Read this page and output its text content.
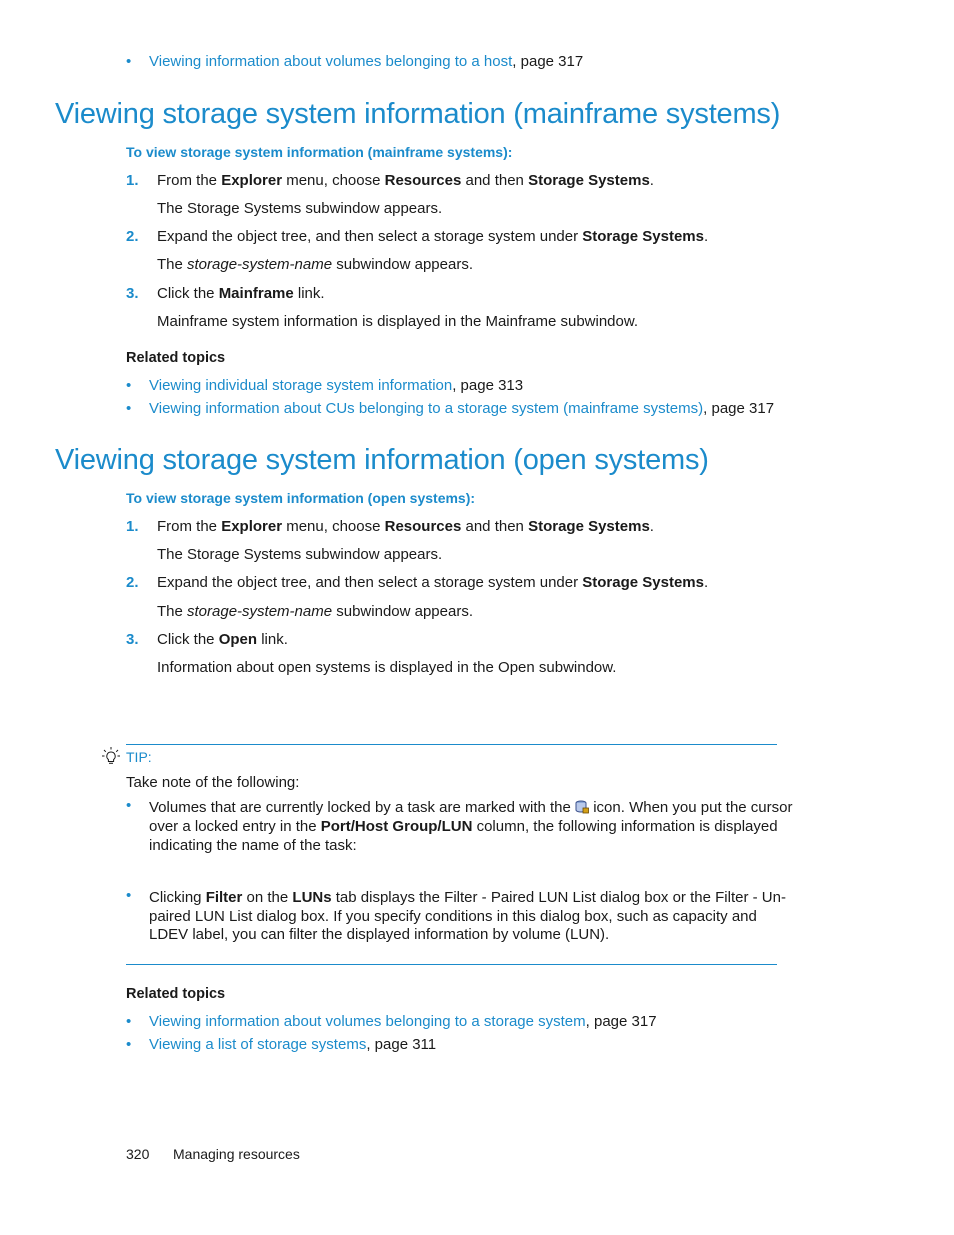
• Viewing information about volumes belonging to a host, page 317
Viewing storage system information (mainframe systems)
To view storage system information (mainframe systems):
1. From the Explorer menu, choose Resources and then Storage Systems.
The Storage Systems subwindow appears.
2. Expand the object tree, and then select a storage system under Storage Systems.
The storage-system-name subwindow appears.
3. Click the Mainframe link.
Mainframe system information is displayed in the Mainframe subwindow.
Related topics
• Viewing individual storage system information, page 313
• Viewing information about CUs belonging to a storage system (mainframe systems), page 317
Viewing storage system information (open systems)
To view storage system information (open systems):
1. From the Explorer menu, choose Resources and then Storage Systems.
The Storage Systems subwindow appears.
2. Expand the object tree, and then select a storage system under Storage Systems.
The storage-system-name subwindow appears.
3. Click the Open link.
Information about open systems is displayed in the Open subwindow.
TIP:
Take note of the following:
• Volumes that are currently locked by a task are marked with the  icon. When you put the cursor
over a locked entry in the Port/Host Group/LUN column, the following information is displayed
indicating the name of the task:
• Clicking Filter on the LUNs tab displays the Filter - Paired LUN List dialog box or the Filter - Un-
paired LUN List dialog box. If you specify conditions in this dialog box, such as capacity and
LDEV label, you can filter the displayed information by volume (LUN).
Related topics
• Viewing information about volumes belonging to a storage system, page 317
• Viewing a list of storage systems, page 311
320 Managing resources
